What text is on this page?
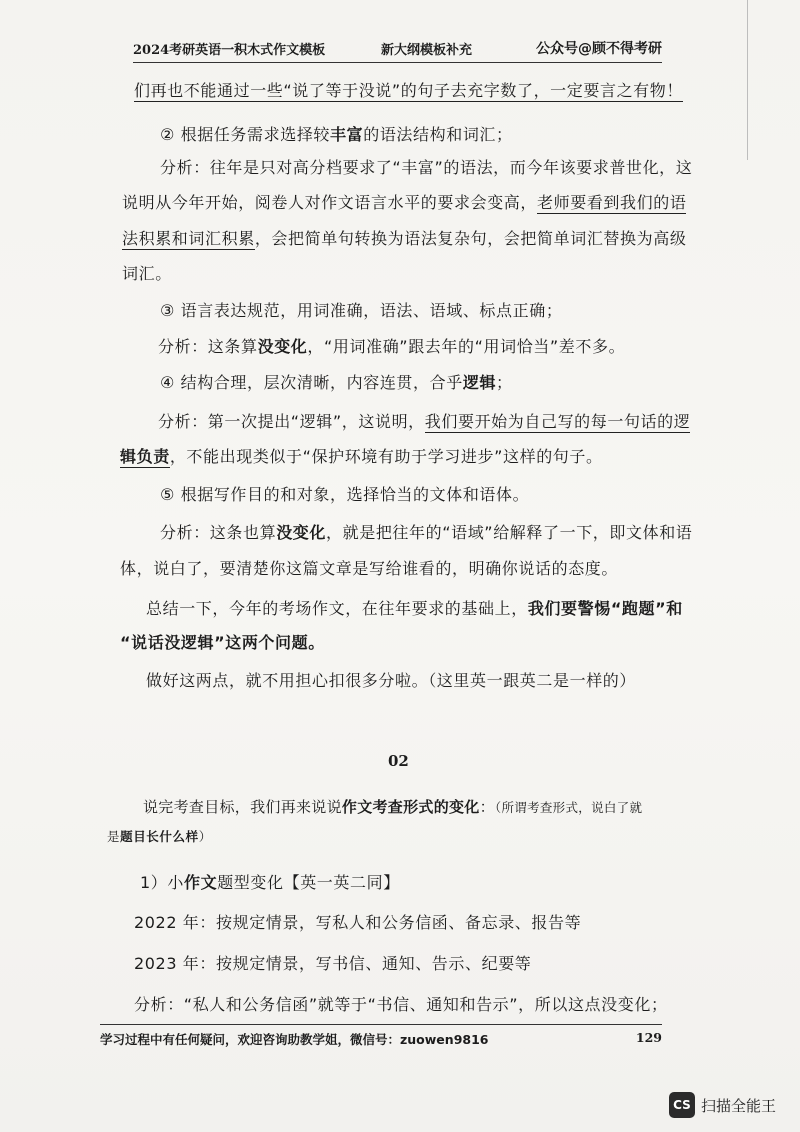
2024考研英语一积木式作文模板	新大纲模板补充	公众号@顾不得考研
们再也不能通过一些“说了等于没说”的句子去充字数了，一定要言之有物！
② 根据任务需求选择较丰富的语法结构和词汇；
分析：往年是只对高分档要求了“丰富”的语法，而今年该要求普世化，这
说明从今年开始，阅卷人对作文语言水平的要求会变高，老师要看到我们的语
法积累和词汇积累，会把简单句转换为语法复杂句，会把简单词汇替换为高级
词汇。
③ 语言表达规范，用词准确，语法、语域、标点正确；
分析：这条算没变化，“用词准确”跟去年的“用词恰当”差不多。
④ 结构合理，层次清晰，内容连贯，合乎逻辑；
分析：第一次提出“逻辑”，这说明，我们要开始为自己写的每一句话的逻
辑负责，不能出现类似于“保护环境有助于学习进步”这样的句子。
⑤ 根据写作目的和对象，选择恰当的文体和语体。
分析：这条也算没变化，就是把往年的“语域”给解释了一下，即文体和语
体，说白了，要清楚你这篇文章是写给谁看的，明确你说话的态度。
总结一下，今年的考场作文，在往年要求的基础上，我们要警惕“跑题”和
“说话没逻辑”这两个问题。
做好这两点，就不用担心扣很多分啦。（这里英一跟英二是一样的）
02
说完考查目标，我们再来说说作文考查形式的变化：（所谓考查形式，说白了就
是题目长什么样）
1）小作文题型变化【英一英二同】
2022 年：按规定情景，写私人和公务信函、备忘录、报告等
2023 年：按规定情景，写书信、通知、告示、纪要等
分析：“私人和公务信函”就等于“书信、通知和告示”，所以这点没变化；
学习过程中有任何疑问，欢迎咨询助教学姐，微信号：zuowen9816	129
CS 扫描全能王
